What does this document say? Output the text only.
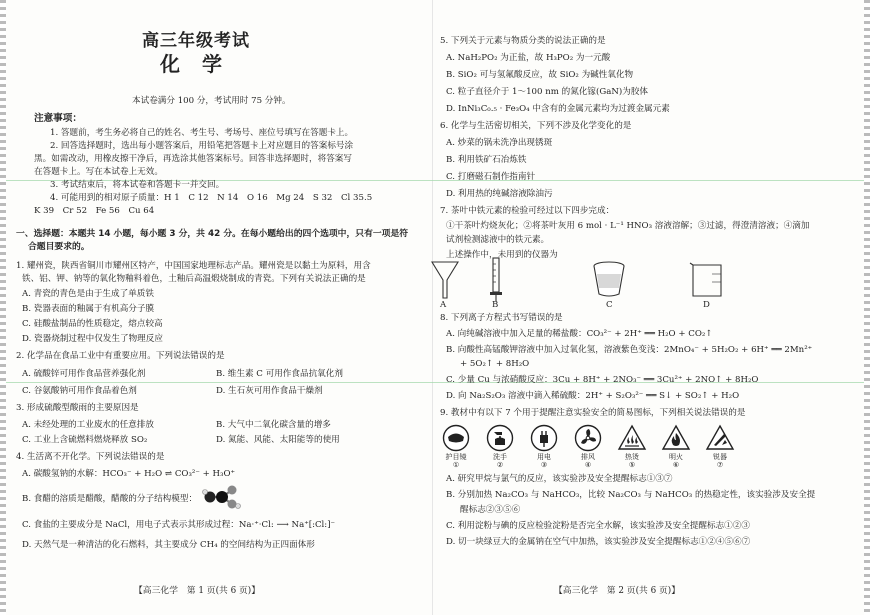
高三年级考试
化学
本试卷满分 100 分，考试用时 75 分钟。
注意事项：
1. 答题前，考生务必将自己的姓名、考生号、考场号、座位号填写在答题卡上。
2. 回答选择题时，选出每小题答案后，用铅笔把答题卡上对应题目的答案标号涂
黑。如需改动，用橡皮擦干净后，再选涂其他答案标号。回答非选择题时，将答案写
在答题卡上。写在本试卷上无效。
3. 考试结束后，将本试卷和答题卡一并交回。
4. 可能用到的相对原子质量：H 1　C 12　N 14　O 16　Mg 24　S 32　Cl 35.5
K 39　Cr 52　Fe 56　Cu 64
一、选择题：本题共 14 小题，每小题 3 分，共 42 分。在每小题给出的四个选项中，只有一项是符
合题目要求的。
1. 耀州瓷，陕西省铜川市耀州区特产，中国国家地理标志产品。耀州瓷是以黏土为原料，用含
铁、铝、钾、钠等的氧化物釉料着色，土釉后高温煅烧制成的青瓷。下列有关说法正确的是
A. 青瓷的青色是由于生成了单质铁
B. 瓷器表面的釉属于有机高分子膜
C. 硅酸盐制品的性质稳定，熔点较高
D. 瓷器烧制过程中仅发生了物理反应
2. 化学品在食品工业中有重要应用。下列说法错误的是
A. 硫酸锌可用作食品营养强化剂	B. 维生素 C 可用作食品抗氧化剂
C. 谷氨酸钠可用作食品着色剂	D. 生石灰可用作食品干燥剂
3. 形成硫酸型酸雨的主要原因是
A. 未经处理的工业废水的任意排放	B. 大气中二氧化碳含量的增多
C. 工业上含硫燃料燃烧释放 SO₂	D. 氮能、风能、太阳能等的使用
4. 生活离不开化学。下列说法错误的是
A. 碳酸氢钠的水解：HCO₃⁻ + H₂O ⇌ CO₃²⁻ + H₃O⁺
B. 食醋的溶质是醋酸，醋酸的分子结构模型：
C. 食盐的主要成分是 NaCl，用电子式表示其形成过程：Na·⁺·Cl: ⟶ Na⁺[:Cl:]⁻
D. 天然气是一种清洁的化石燃料，其主要成分 CH₄ 的空间结构为正四面体形
【高三化学　第 1 页(共 6 页)】
5. 下列关于元素与物质分类的说法正确的是
A. NaH₂PO₂ 为正盐，故 H₃PO₂ 为一元酸
B. SiO₂ 可与氢氟酸反应，故 SiO₂ 为碱性氧化物
C. 粒子直径介于 1～100 nm 的氮化镓(GaN)为胶体
D. InNi₃C₀.₅ · Fe₃O₄ 中含有的金属元素均为过渡金属元素
6. 化学与生活密切相关，下列不涉及化学变化的是
A. 炒菜的锅未洗净出现锈斑
B. 利用铁矿石冶炼铁
C. 打磨磁石制作指南针
D. 利用热的纯碱溶液除油污
7. 茶叶中铁元素的检验可经过以下四步完成：
①干茶叶灼烧灰化；②将茶叶灰用 6 mol · L⁻¹ HNO₃ 溶液溶解；③过滤，得澄清溶液；④滴加
试剂检测滤液中的铁元素。
上述操作中，未用到的仪器为
A	B	C	D
8. 下列离子方程式书写错误的是
A. 向纯碱溶液中加入足量的稀盐酸：CO₃²⁻ + 2H⁺ ══ H₂O + CO₂↑
B. 向酸性高锰酸钾溶液中加入过氧化氢，溶液紫色变浅：2MnO₄⁻ + 5H₂O₂ + 6H⁺ ══ 2Mn²⁺
+ 5O₂↑ + 8H₂O
C. 少量 Cu 与浓硝酸反应：3Cu + 8H⁺ + 2NO₃⁻ ══ 3Cu²⁺ + 2NO↑ + 8H₂O
D. 向 Na₂S₂O₃ 溶液中滴入稀硫酸：2H⁺ + S₂O₃²⁻ ══ S↓ + SO₂↑ + H₂O
9. 教材中有以下 7 个用于提醒注意实验安全的简易图标，下列相关说法错误的是
护目镜
①
洗手
②
用电
③
排风
④
热烫
⑤
明火
⑥
锐器
⑦
A. 研究甲烷与氯气的反应，该实验涉及安全提醒标志①③⑦
B. 分别加热 Na₂CO₃ 与 NaHCO₃，比较 Na₂CO₃ 与 NaHCO₃ 的热稳定性，该实验涉及安全提
醒标志②③⑤⑥
C. 利用淀粉与碘的反应检验淀粉是否完全水解，该实验涉及安全提醒标志①②③
D. 切一块绿豆大的金属钠在空气中加热，该实验涉及安全提醒标志①②④⑤⑥⑦
【高三化学　第 2 页(共 6 页)】
